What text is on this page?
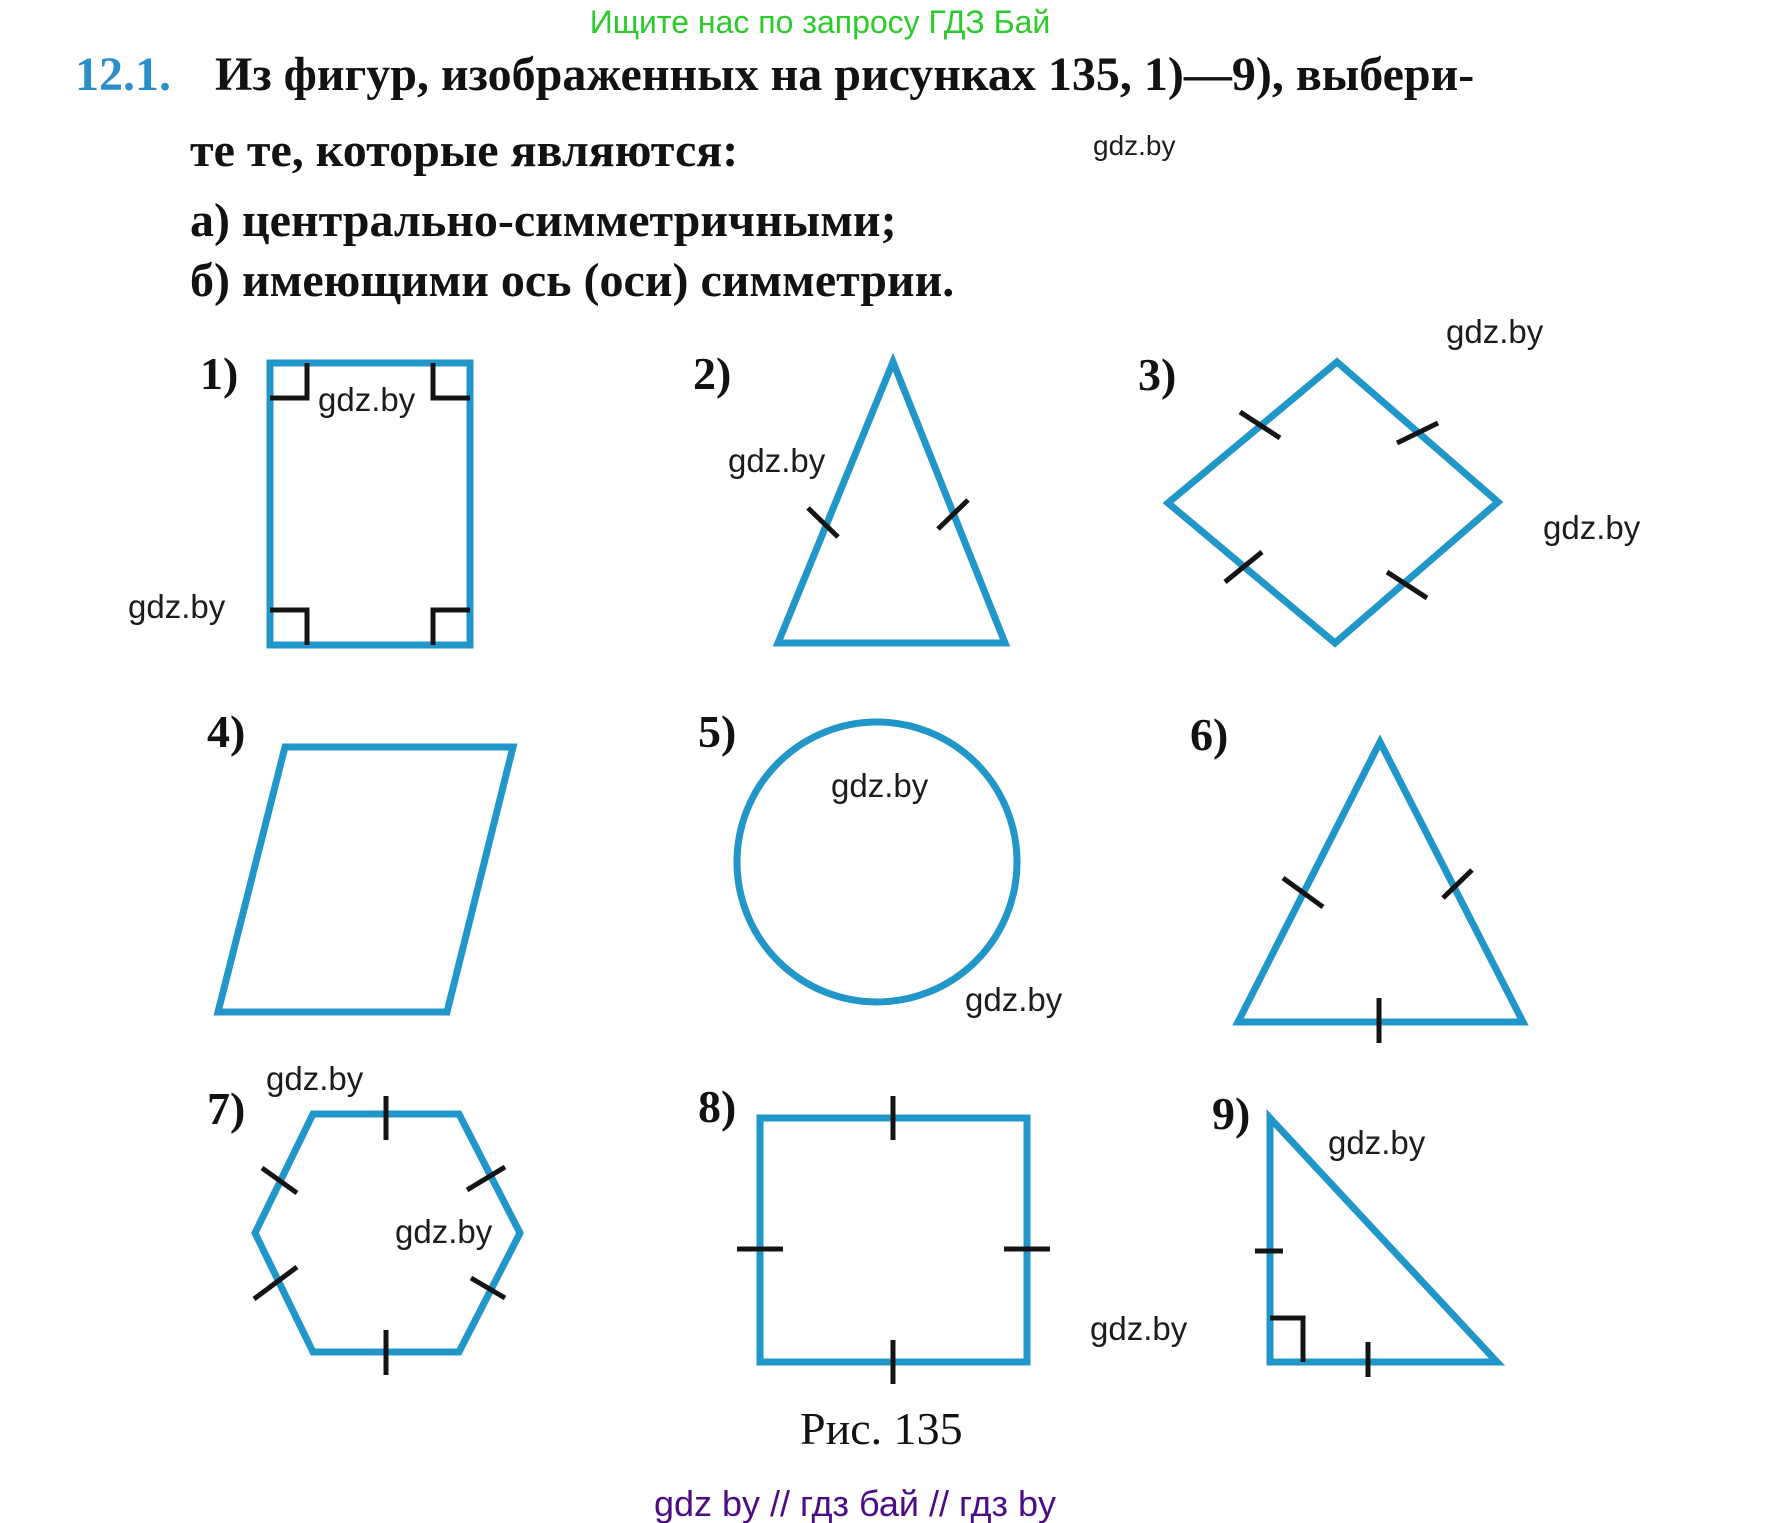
Ищите нас по запросу ГДЗ Бай
12.1. Из фигур, изображенных на рисунках 135, 1)—9), выбери-
те те, которые являются:
а) центрально-симметричными;
б) имеющими ось (оси) симметрии.
1)	2)	3)
4)	5)	6)
7)	8)	9)
gdz.by
gdz.by
gdz.by
gdz.by
gdz.by
gdz.by
gdz.by
gdz.by
gdz.by
gdz.by
gdz.by
gdz.by
Рис. 135
gdz by // гдз бай // гдз by
